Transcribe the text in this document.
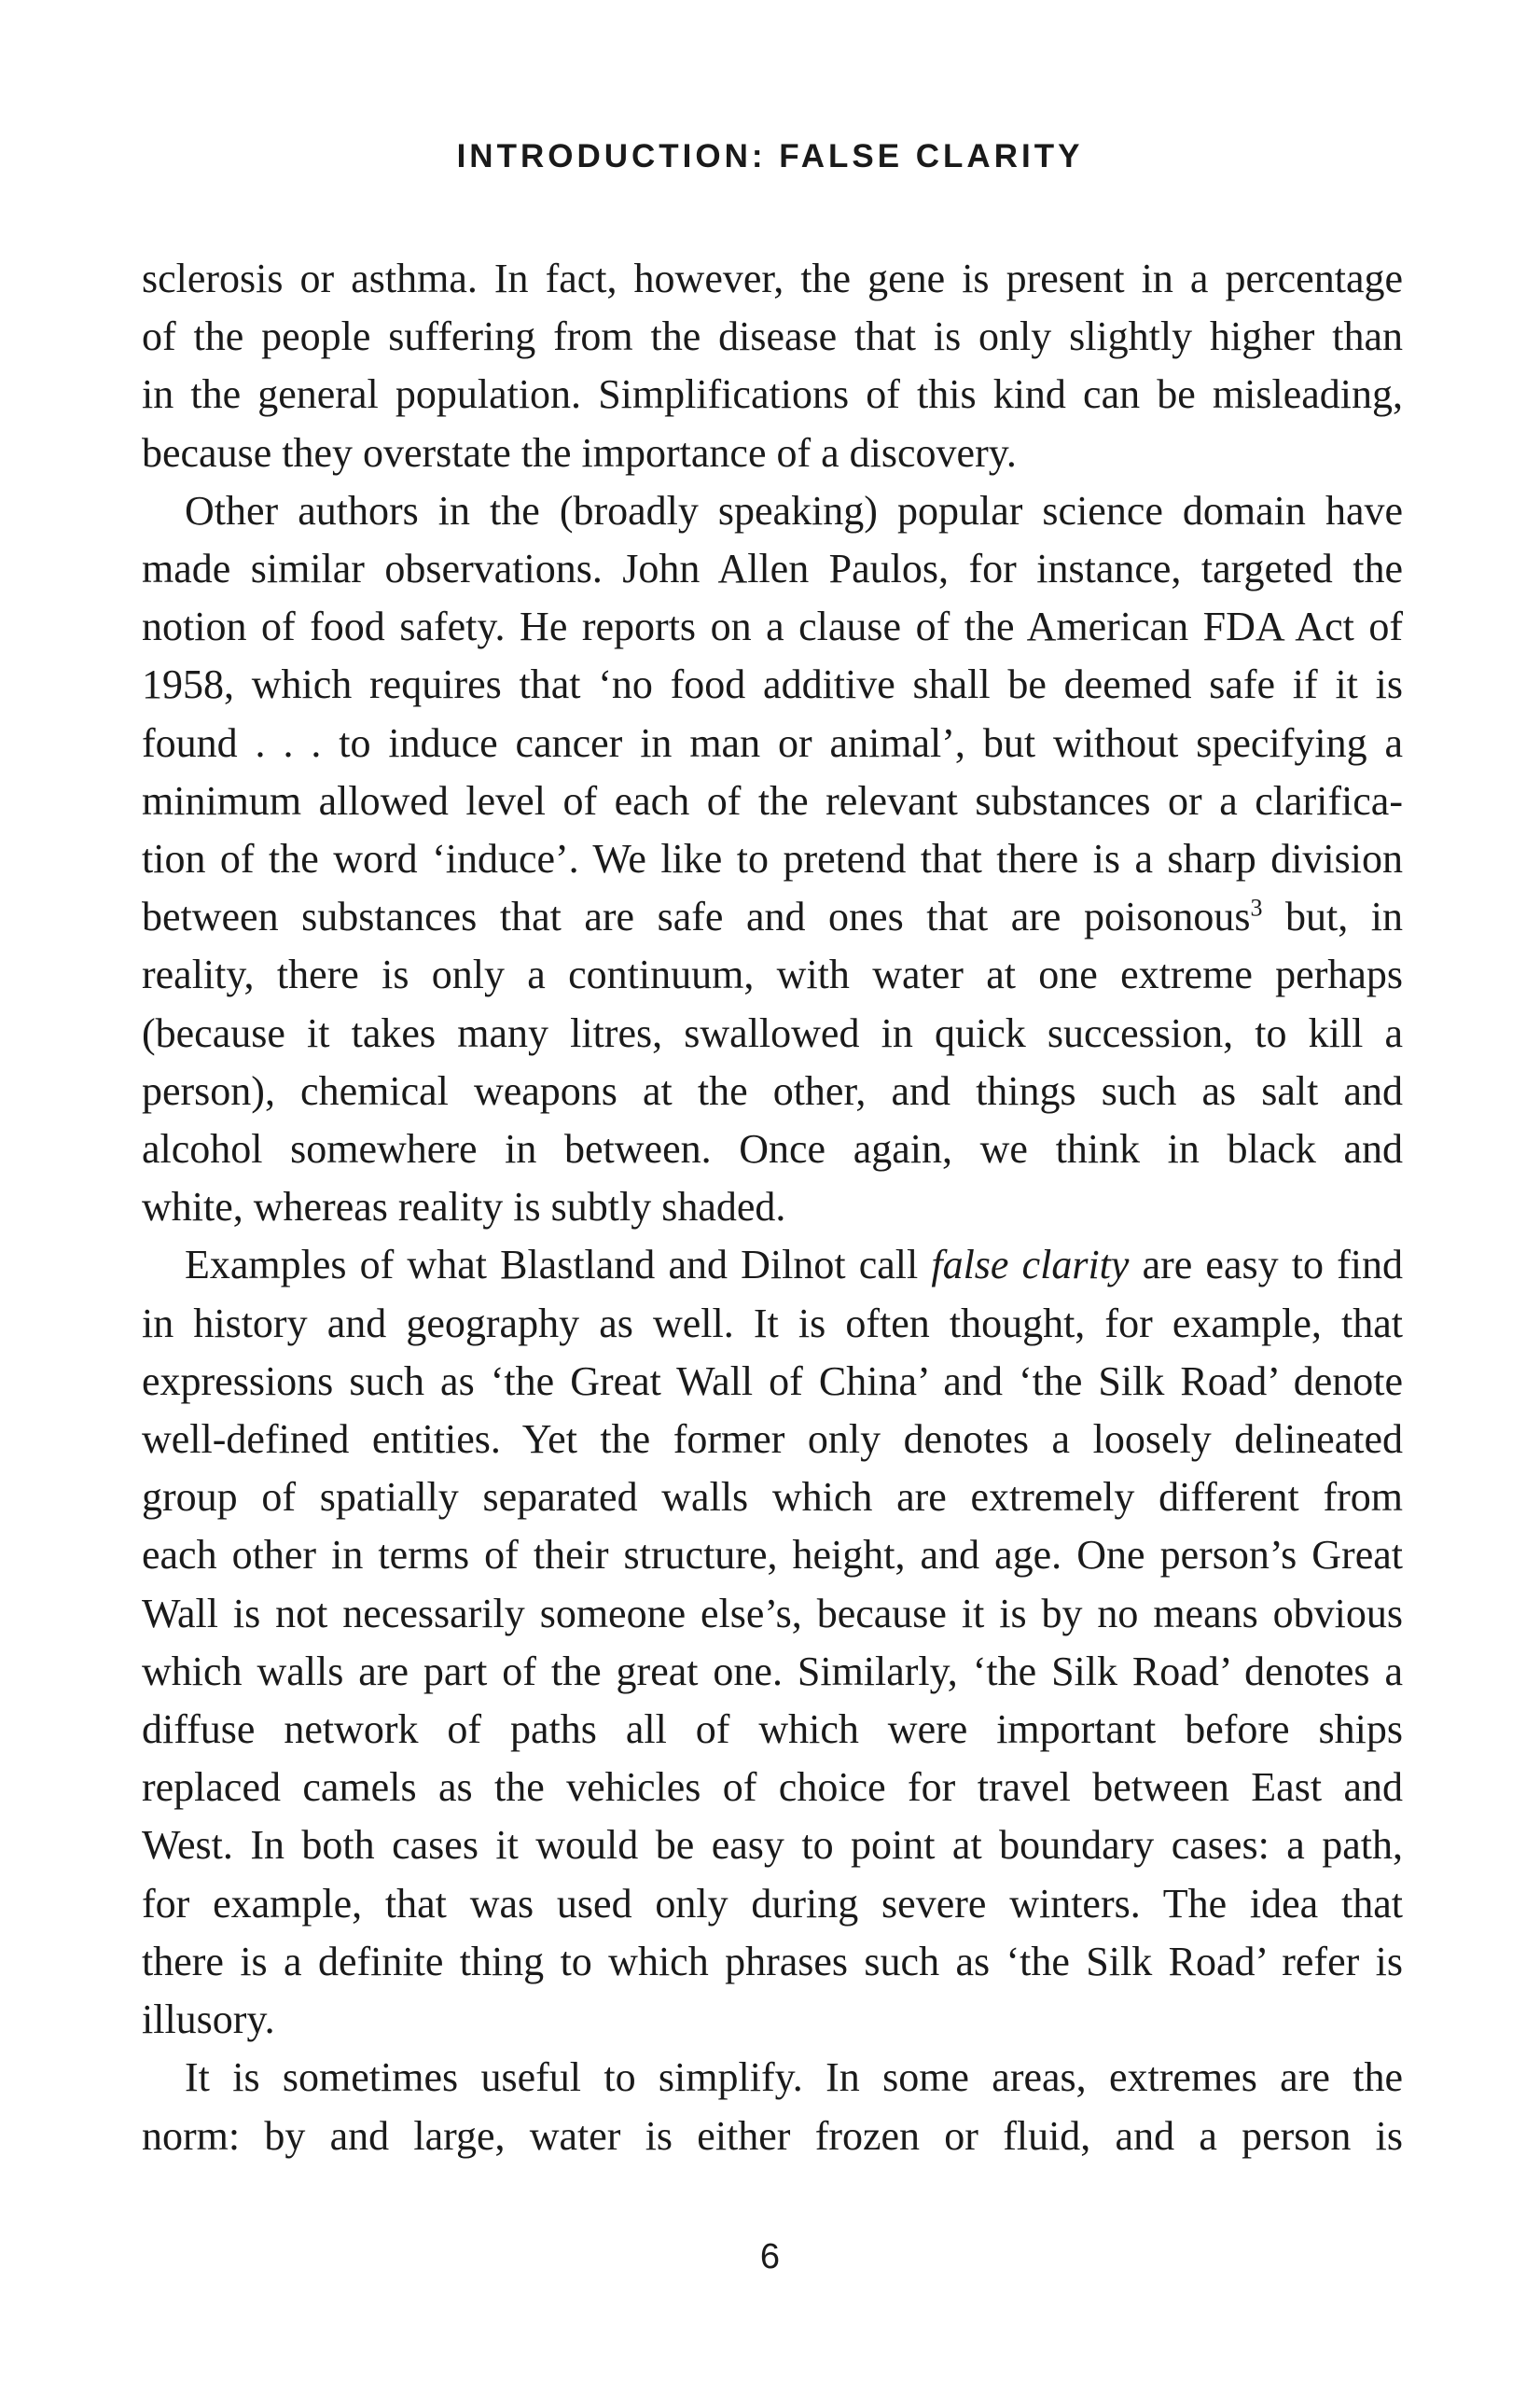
INTRODUCTION: FALSE CLARITY

sclerosis or asthma. In fact, however, the gene is present in a percentage
of the people suffering from the disease that is only slightly higher than
in the general population. Simplifications of this kind can be misleading,
because they overstate the importance of a discovery.

Other authors in the (broadly speaking) popular science domain have
made similar observations. John Allen Paulos, for instance, targeted the
notion of food safety. He reports on a clause of the American FDA Act of
1958, which requires that ‘no food additive shall be deemed safe if it is
found . . . to induce cancer in man or animal’, but without specifying a
minimum allowed level of each of the relevant substances or a clarifica-
tion of the word ‘induce’. We like to pretend that there is a sharp division
between substances that are safe and ones that are poisonous$^3$ but, in
reality, there is only a continuum, with water at one extreme perhaps
(because it takes many litres, swallowed in quick succession, to kill a
person), chemical weapons at the other, and things such as salt and
alcohol somewhere in between. Once again, we think in black and
white, whereas reality is subtly shaded.

Examples of what Blastland and Dilnot call false clarity are easy to find
in history and geography as well. It is often thought, for example, that
expressions such as ‘the Great Wall of China’ and ‘the Silk Road’ denote
well-defined entities. Yet the former only denotes a loosely delineated
group of spatially separated walls which are extremely different from
each other in terms of their structure, height, and age. One person’s Great
Wall is not necessarily someone else’s, because it is by no means obvious
which walls are part of the great one. Similarly, ‘the Silk Road’ denotes a
diffuse network of paths all of which were important before ships
replaced camels as the vehicles of choice for travel between East and
West. In both cases it would be easy to point at boundary cases: a path,
for example, that was used only during severe winters. The idea that
there is a definite thing to which phrases such as ‘the Silk Road’ refer is
illusory.

It is sometimes useful to simplify. In some areas, extremes are the
norm: by and large, water is either frozen or fluid, and a person is

6
